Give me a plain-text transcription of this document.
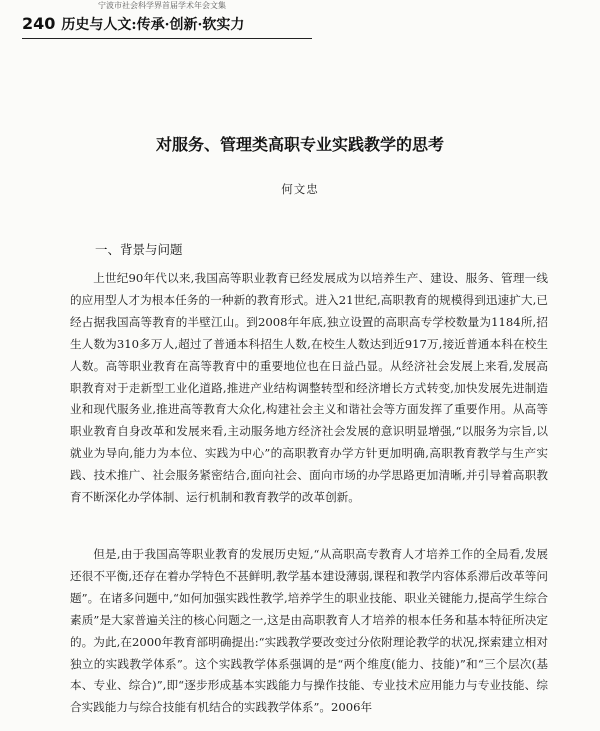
宁波市社会科学界首届学术年会文集
240 历史与人文:传承·创新·软实力
对服务、管理类高职专业实践教学的思考
何文忠
一、背景与问题

上世纪90年代以来,我国高等职业教育已经发展成为以培养生产、建设、服务、管理一线的应用型人才为根本任务的一种新的教育形式。进入21世纪,高职教育的规模得到迅速扩大,已经占据我国高等教育的半壁江山。到2008年年底,独立设置的高职高专学校数量为1184所,招生人数为310多万人,超过了普通本科招生人数,在校生人数达到近917万,接近普通本科在校生人数。高等职业教育在高等教育中的重要地位也在日益凸显。从经济社会发展上来看,发展高职教育对于走新型工业化道路,推进产业结构调整转型和经济增长方式转变,加快发展先进制造业和现代服务业,推进高等教育大众化,构建社会主义和谐社会等方面发挥了重要作用。从高等职业教育自身改革和发展来看,主动服务地方经济社会发展的意识明显增强,“以服务为宗旨,以就业为导向,能力为本位、实践为中心”的高职教育办学方针更加明确,高职教育教学与生产实践、技术推广、社会服务紧密结合,面向社会、面向市场的办学思路更加清晰,并引导着高职教育不断深化办学体制、运行机制和教育教学的改革创新。

但是,由于我国高等职业教育的发展历史短,“从高职高专教育人才培养工作的全局看,发展还很不平衡,还存在着办学特色不甚鲜明,教学基本建设薄弱,课程和教学内容体系滞后改革等问题”。在诸多问题中,“如何加强实践性教学,培养学生的职业技能、职业关键能力,提高学生综合素质”是大家普遍关注的核心问题之一,这是由高职教育人才培养的根本任务和基本特征所决定的。为此,在2000年教育部明确提出:“实践教学要改变过分依附理论教学的状况,探索建立相对独立的实践教学体系”。这个实践教学体系强调的是“两个维度(能力、技能)”和“三个层次(基本、专业、综合)”,即“逐步形成基本实践能力与操作技能、专业技术应用能力与专业技能、综合实践能力与综合技能有机结合的实践教学体系”。2006年
